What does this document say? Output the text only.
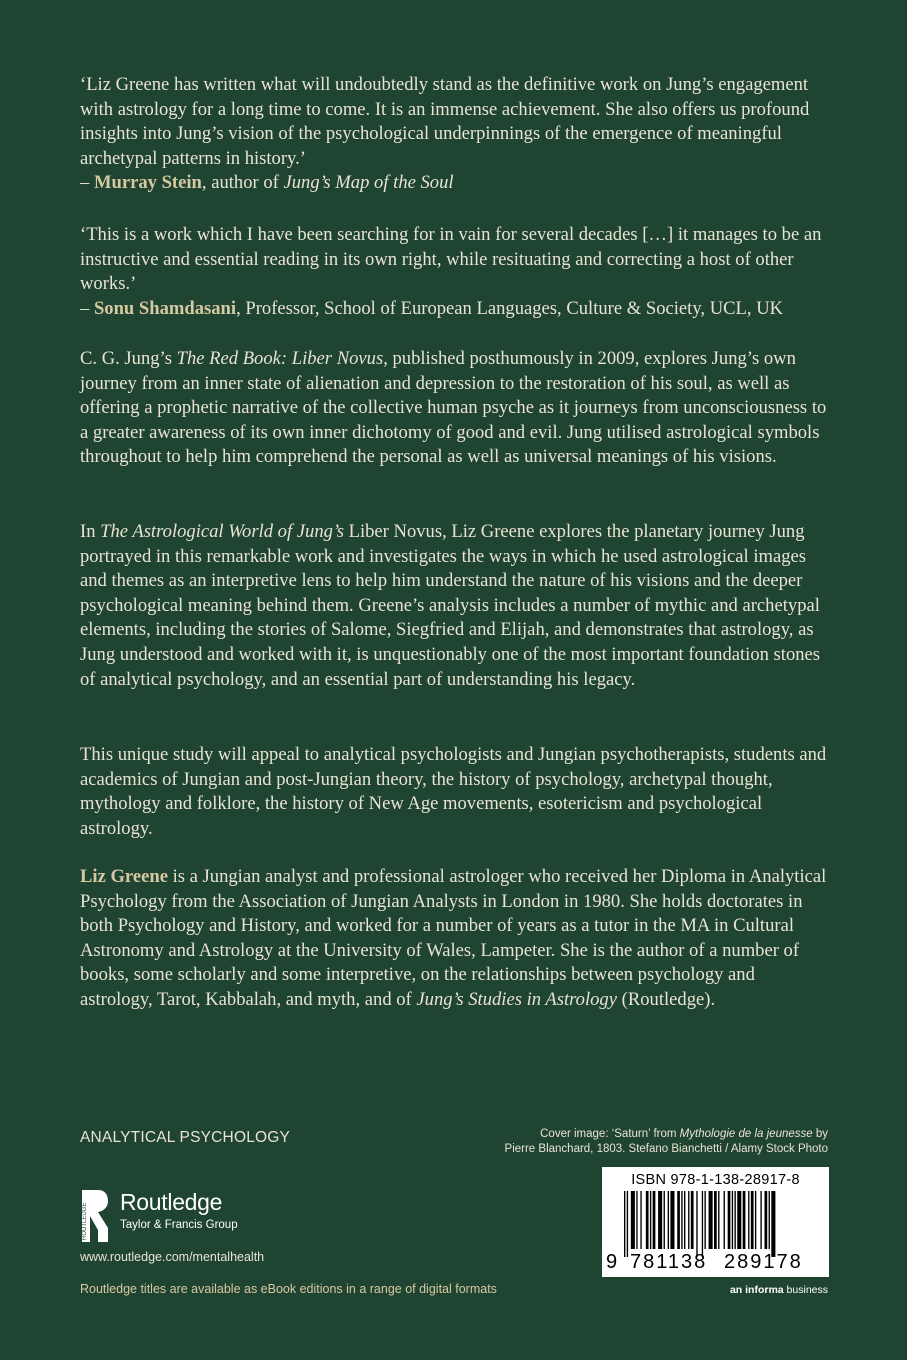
‘Liz Greene has written what will undoubtedly stand as the definitive work on Jung’s engagement with astrology for a long time to come. It is an immense achievement. She also offers us profound insights into Jung’s vision of the psychological underpinnings of the emergence of meaningful archetypal patterns in history.’
– Murray Stein, author of Jung’s Map of the Soul

‘This is a work which I have been searching for in vain for several decades […] it manages to be an instructive and essential reading in its own right, while resituating and correcting a host of other works.’
– Sonu Shamdasani, Professor, School of European Languages, Culture & Society, UCL, UK

C. G. Jung’s The Red Book: Liber Novus, published posthumously in 2009, explores Jung’s own journey from an inner state of alienation and depression to the restoration of his soul, as well as offering a prophetic narrative of the collective human psyche as it journeys from unconsciousness to a greater awareness of its own inner dichotomy of good and evil. Jung utilised astrological symbols throughout to help him comprehend the personal as well as universal meanings of his visions.

In The Astrological World of Jung’s Liber Novus, Liz Greene explores the planetary journey Jung portrayed in this remarkable work and investigates the ways in which he used astrological images and themes as an interpretive lens to help him understand the nature of his visions and the deeper psychological meaning behind them. Greene’s analysis includes a number of mythic and archetypal elements, including the stories of Salome, Siegfried and Elijah, and demonstrates that astrology, as Jung understood and worked with it, is unquestionably one of the most important foundation stones of analytical psychology, and an essential part of understanding his legacy.

This unique study will appeal to analytical psychologists and Jungian psychotherapists, students and academics of Jungian and post-Jungian theory, the history of psychology, archetypal thought, mythology and folklore, the history of New Age movements, esotericism and psychological astrology.

Liz Greene is a Jungian analyst and professional astrologer who received her Diploma in Analytical Psychology from the Association of Jungian Analysts in London in 1980. She holds doctorates in both Psychology and History, and worked for a number of years as a tutor in the MA in Cultural Astronomy and Astrology at the University of Wales, Lampeter. She is the author of a number of books, some scholarly and some interpretive, on the relationships between psychology and astrology, Tarot, Kabbalah, and myth, and of Jung’s Studies in Astrology (Routledge).

ANALYTICAL PSYCHOLOGY	Cover image: ‘Saturn’ from Mythologie de la jeunesse by

Pierre Blanchard, 1803. Stefano Bianchetti / Alamy Stock Photo

ROUTLEDGE
Routledge
Taylor & Francis Group
www.routledge.com/mentalhealth
Routledge titles are available as eBook editions in a range of digital formats
ISBN 978-1-138-28917-8
9 781138 289178
an informa business
